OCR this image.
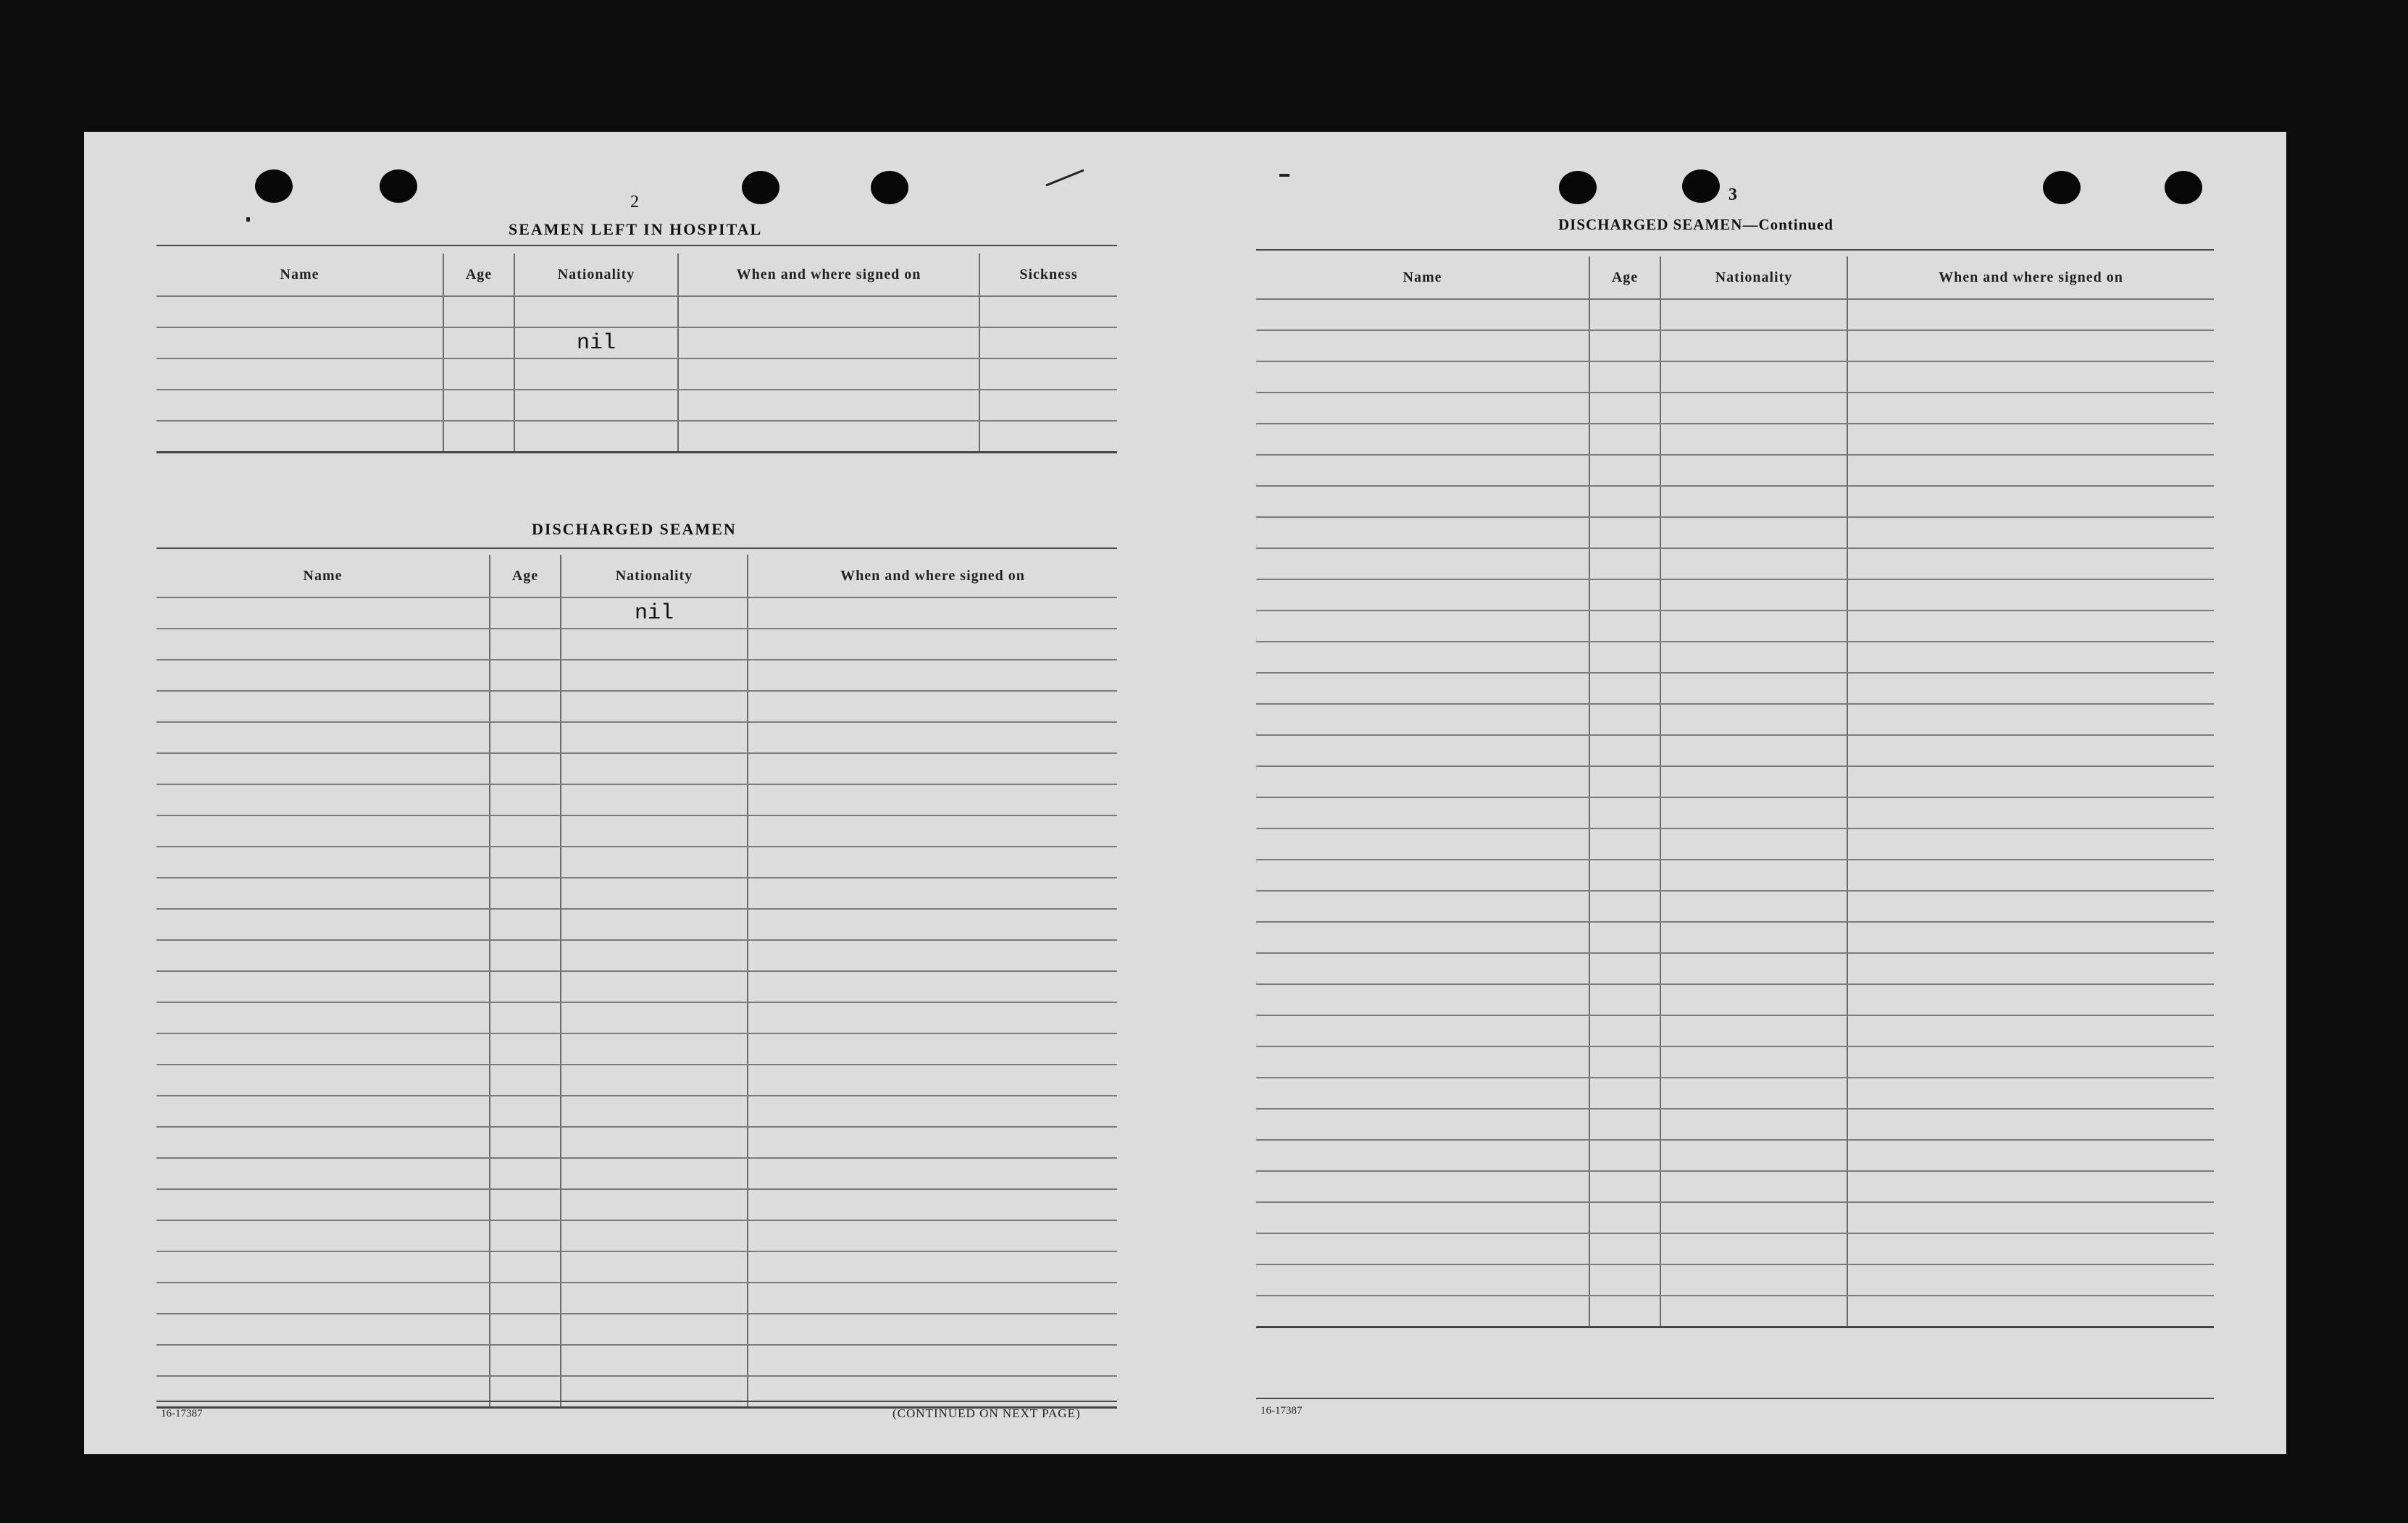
2
SEAMEN LEFT IN HOSPITAL
Name	Age	Nationality	When and where signed on	Sickness

		nil		

DISCHARGED SEAMEN
Name	Age	Nationality	When and where signed on
		nil	

16-17387	(CONTINUED ON NEXT PAGE)
3
DISCHARGED SEAMEN—Continued
Name	Age	Nationality	When and where signed on

16-17387
